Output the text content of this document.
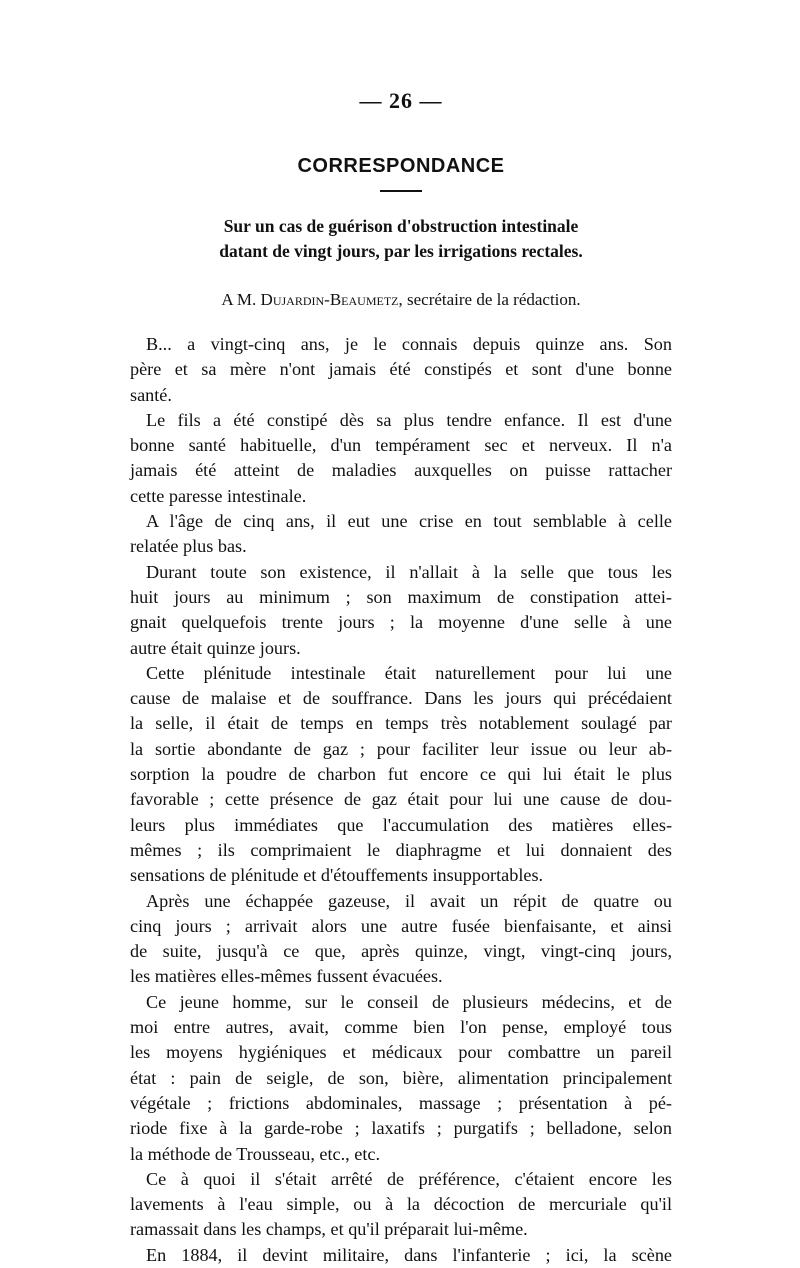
— 26 —
CORRESPONDANCE
Sur un cas de guérison d'obstruction intestinale
datant de vingt jours, par les irrigations rectales.
A M. Dujardin-Beaumetz, secrétaire de la rédaction.
B... a vingt-cinq ans, je le connais depuis quinze ans. Son
père et sa mère n'ont jamais été constipés et sont d'une bonne
santé.
Le fils a été constipé dès sa plus tendre enfance. Il est d'une
bonne santé habituelle, d'un tempérament sec et nerveux. Il n'a
jamais été atteint de maladies auxquelles on puisse rattacher
cette paresse intestinale.
A l'âge de cinq ans, il eut une crise en tout semblable à celle
relatée plus bas.
Durant toute son existence, il n'allait à la selle que tous les
huit jours au minimum ; son maximum de constipation attei-
gnait quelquefois trente jours ; la moyenne d'une selle à une
autre était quinze jours.
Cette plénitude intestinale était naturellement pour lui une
cause de malaise et de souffrance. Dans les jours qui précédaient
la selle, il était de temps en temps très notablement soulagé par
la sortie abondante de gaz ; pour faciliter leur issue ou leur ab-
sorption la poudre de charbon fut encore ce qui lui était le plus
favorable ; cette présence de gaz était pour lui une cause de dou-
leurs plus immédiates que l'accumulation des matières elles-
mêmes ; ils comprimaient le diaphragme et lui donnaient des
sensations de plénitude et d'étouffements insupportables.
Après une échappée gazeuse, il avait un répit de quatre ou
cinq jours ; arrivait alors une autre fusée bienfaisante, et ainsi
de suite, jusqu'à ce que, après quinze, vingt, vingt-cinq jours,
les matières elles-mêmes fussent évacuées.
Ce jeune homme, sur le conseil de plusieurs médecins, et de
moi entre autres, avait, comme bien l'on pense, employé tous
les moyens hygiéniques et médicaux pour combattre un pareil
état : pain de seigle, de son, bière, alimentation principalement
végétale ; frictions abdominales, massage ; présentation à pé-
riode fixe à la garde-robe ; laxatifs ; purgatifs ; belladone, selon
la méthode de Trousseau, etc., etc.
Ce à quoi il s'était arrêté de préférence, c'étaient encore les
lavements à l'eau simple, ou à la décoction de mercuriale qu'il
ramassait dans les champs, et qu'il préparait lui-même.
En 1884, il devint militaire, dans l'infanterie ; ici, la scène
